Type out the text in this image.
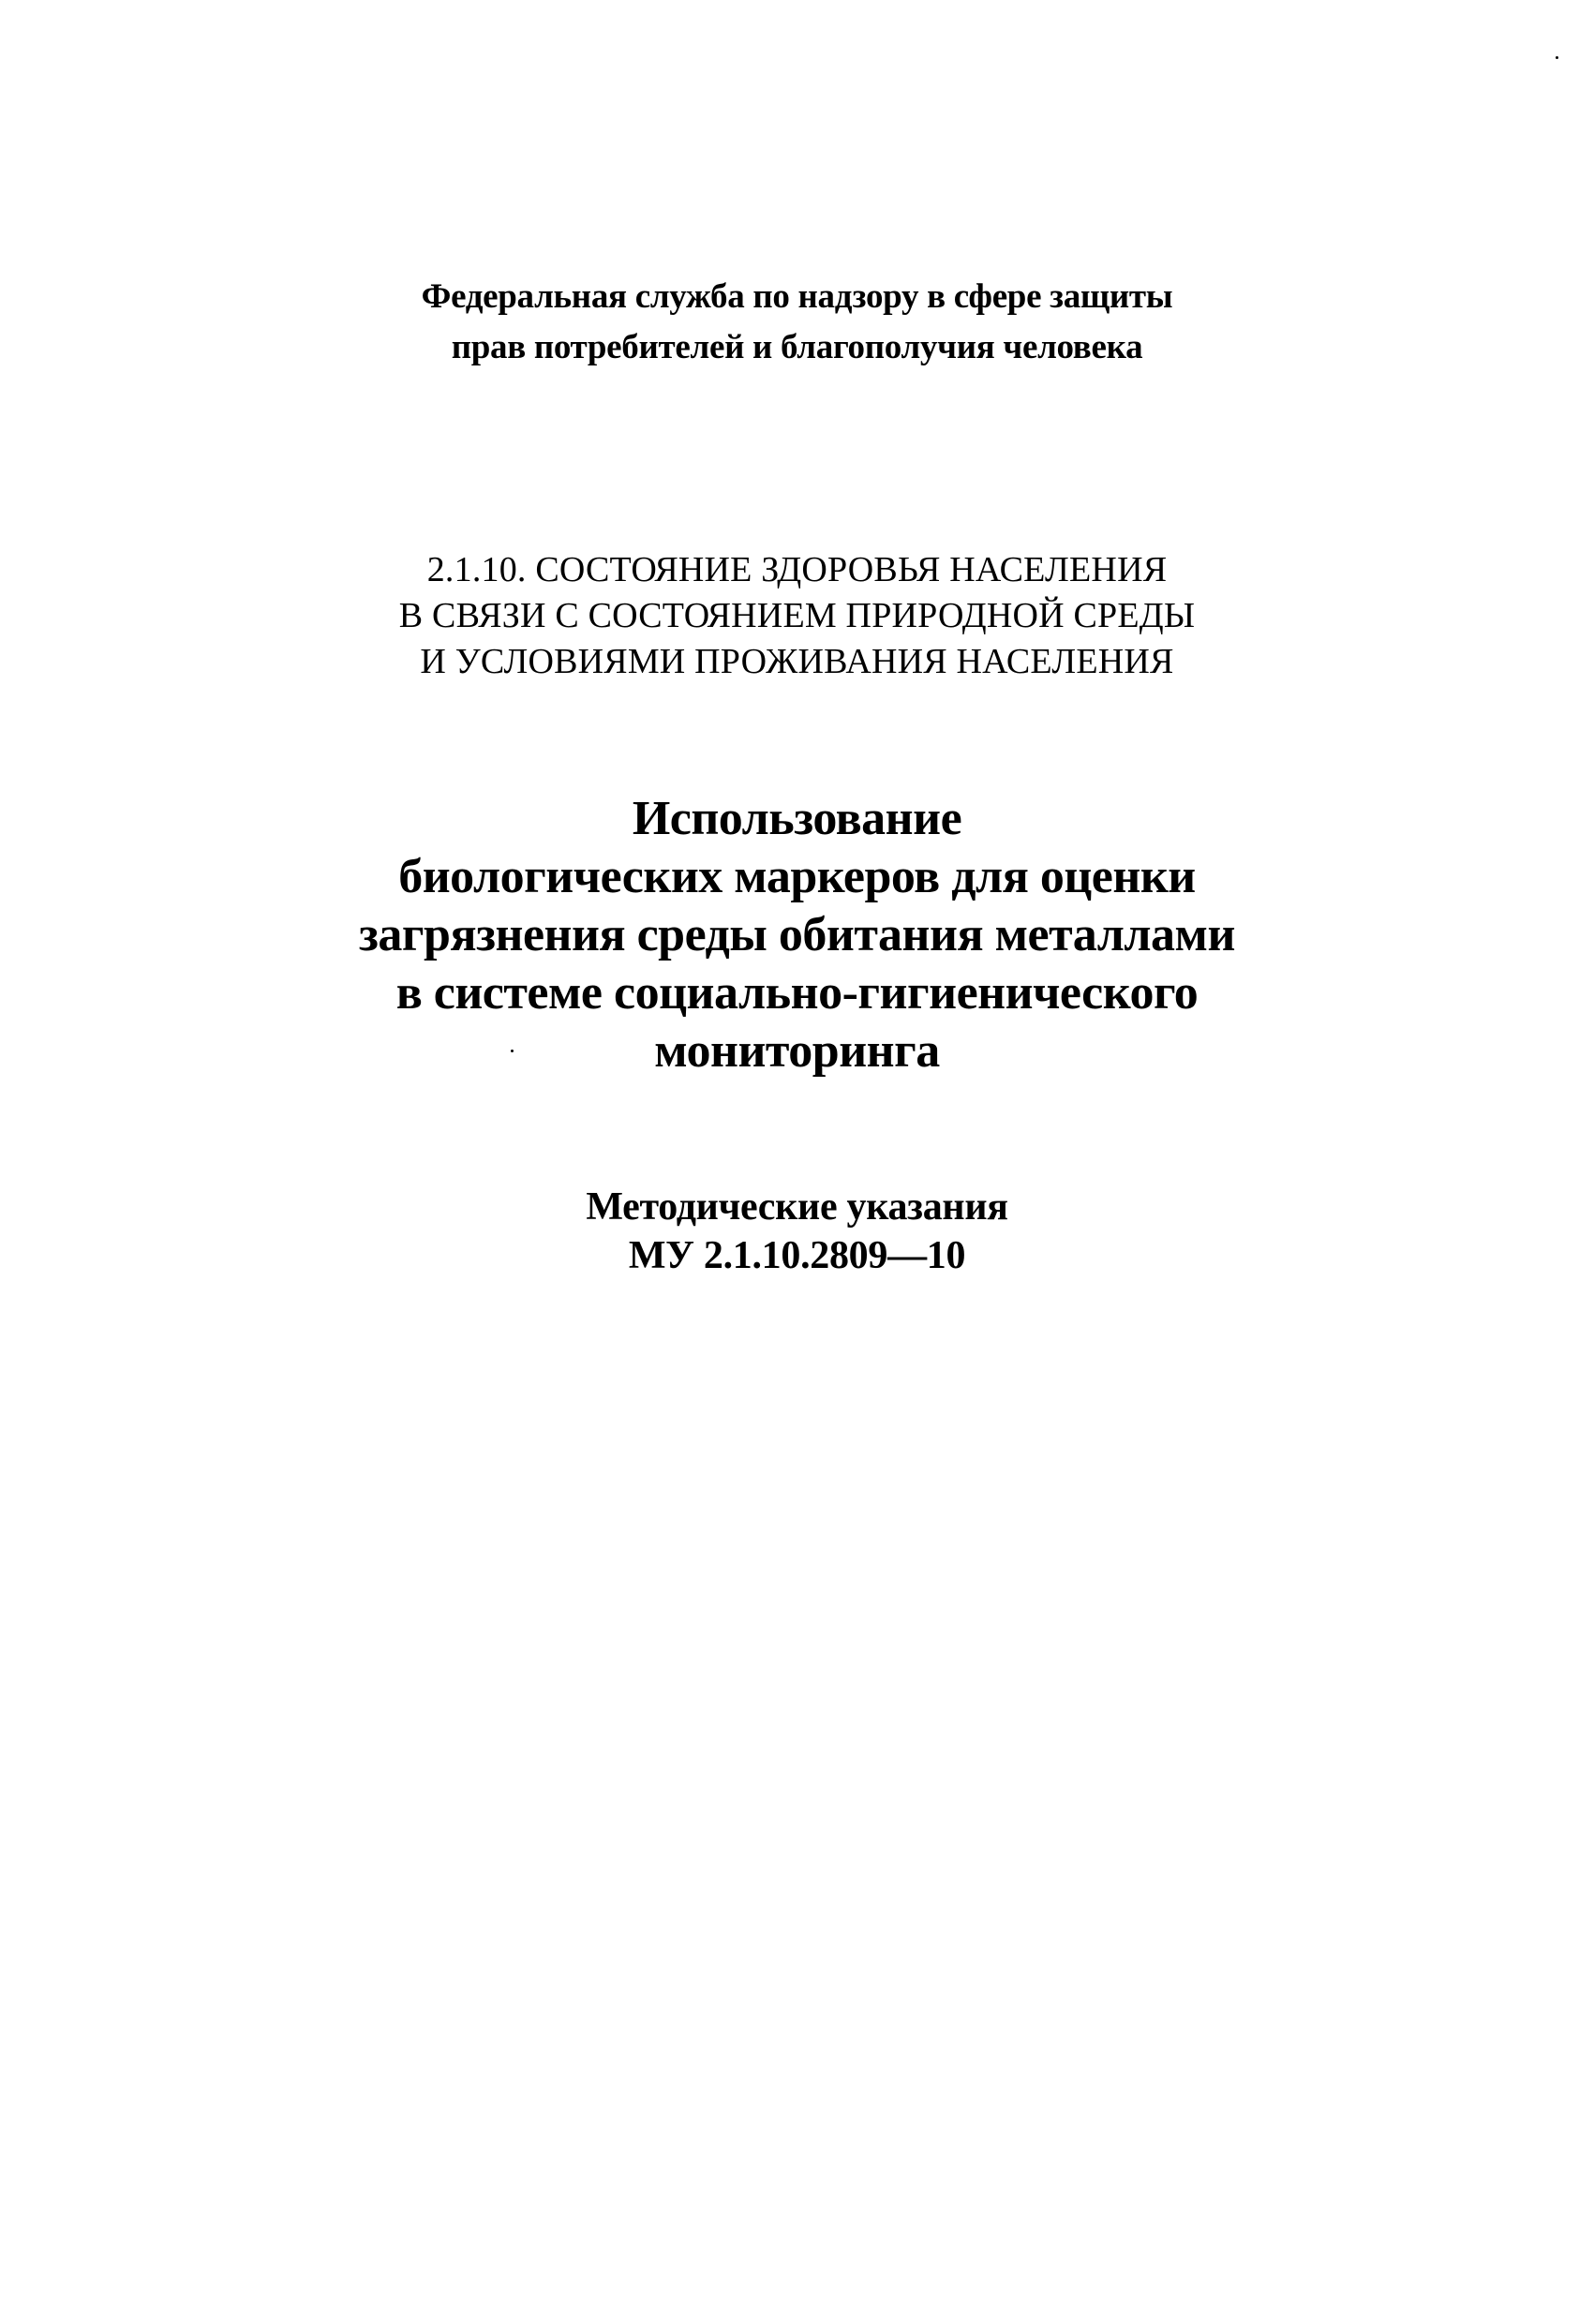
Федеральная служба по надзору в сфере защиты
прав потребителей и благополучия человека
2.1.10. СОСТОЯНИЕ ЗДОРОВЬЯ НАСЕЛЕНИЯ
В СВЯЗИ С СОСТОЯНИЕМ ПРИРОДНОЙ СРЕДЫ
И УСЛОВИЯМИ ПРОЖИВАНИЯ НАСЕЛЕНИЯ
Использование
биологических маркеров для оценки
загрязнения среды обитания металлами
в системе социально-гигиенического
мониторинга
Методические указания
МУ 2.1.10.2809—10
